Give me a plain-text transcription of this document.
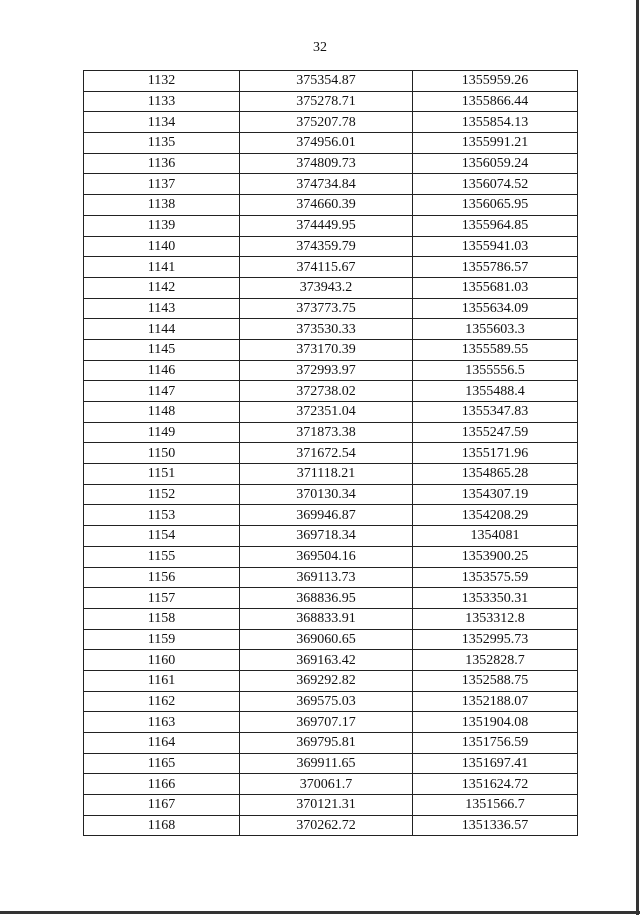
32
1132	375354.87	1355959.26
1133	375278.71	1355866.44
1134	375207.78	1355854.13
1135	374956.01	1355991.21
1136	374809.73	1356059.24
1137	374734.84	1356074.52
1138	374660.39	1356065.95
1139	374449.95	1355964.85
1140	374359.79	1355941.03
1141	374115.67	1355786.57
1142	373943.2	1355681.03
1143	373773.75	1355634.09
1144	373530.33	1355603.3
1145	373170.39	1355589.55
1146	372993.97	1355556.5
1147	372738.02	1355488.4
1148	372351.04	1355347.83
1149	371873.38	1355247.59
1150	371672.54	1355171.96
1151	371118.21	1354865.28
1152	370130.34	1354307.19
1153	369946.87	1354208.29
1154	369718.34	1354081
1155	369504.16	1353900.25
1156	369113.73	1353575.59
1157	368836.95	1353350.31
1158	368833.91	1353312.8
1159	369060.65	1352995.73
1160	369163.42	1352828.7
1161	369292.82	1352588.75
1162	369575.03	1352188.07
1163	369707.17	1351904.08
1164	369795.81	1351756.59
1165	369911.65	1351697.41
1166	370061.7	1351624.72
1167	370121.31	1351566.7
1168	370262.72	1351336.57
